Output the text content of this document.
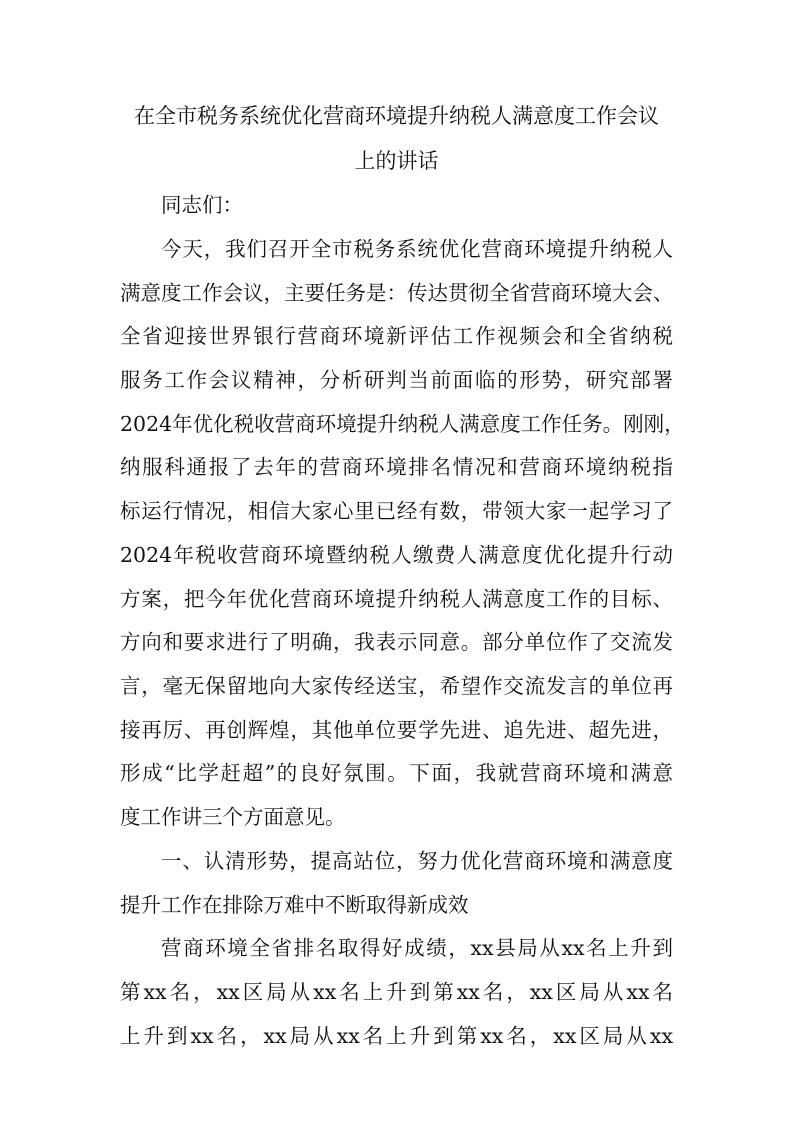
在全市税务系统优化营商环境提升纳税人满意度工作会议
上的讲话
同志们：
今天，我们召开全市税务系统优化营商环境提升纳税人
满意度工作会议，主要任务是：传达贯彻全省营商环境大会、
全省迎接世界银行营商环境新评估工作视频会和全省纳税
服务工作会议精神，分析研判当前面临的形势，研究部署
2024年优化税收营商环境提升纳税人满意度工作任务。刚刚，
纳服科通报了去年的营商环境排名情况和营商环境纳税指
标运行情况，相信大家心里已经有数，带领大家一起学习了
2024年税收营商环境暨纳税人缴费人满意度优化提升行动
方案，把今年优化营商环境提升纳税人满意度工作的目标、
方向和要求进行了明确，我表示同意。部分单位作了交流发
言，毫无保留地向大家传经送宝，希望作交流发言的单位再
接再厉、再创辉煌，其他单位要学先进、追先进、超先进，
形成“比学赶超”的良好氛围。下面，我就营商环境和满意
度工作讲三个方面意见。
一、认清形势，提高站位，努力优化营商环境和满意度
提升工作在排除万难中不断取得新成效
营商环境全省排名取得好成绩，xx县局从xx名上升到
第xx名，xx区局从xx名上升到第xx名，xx区局从xx名
上升到xx名，xx局从xx名上升到第xx名，xx区局从xx
